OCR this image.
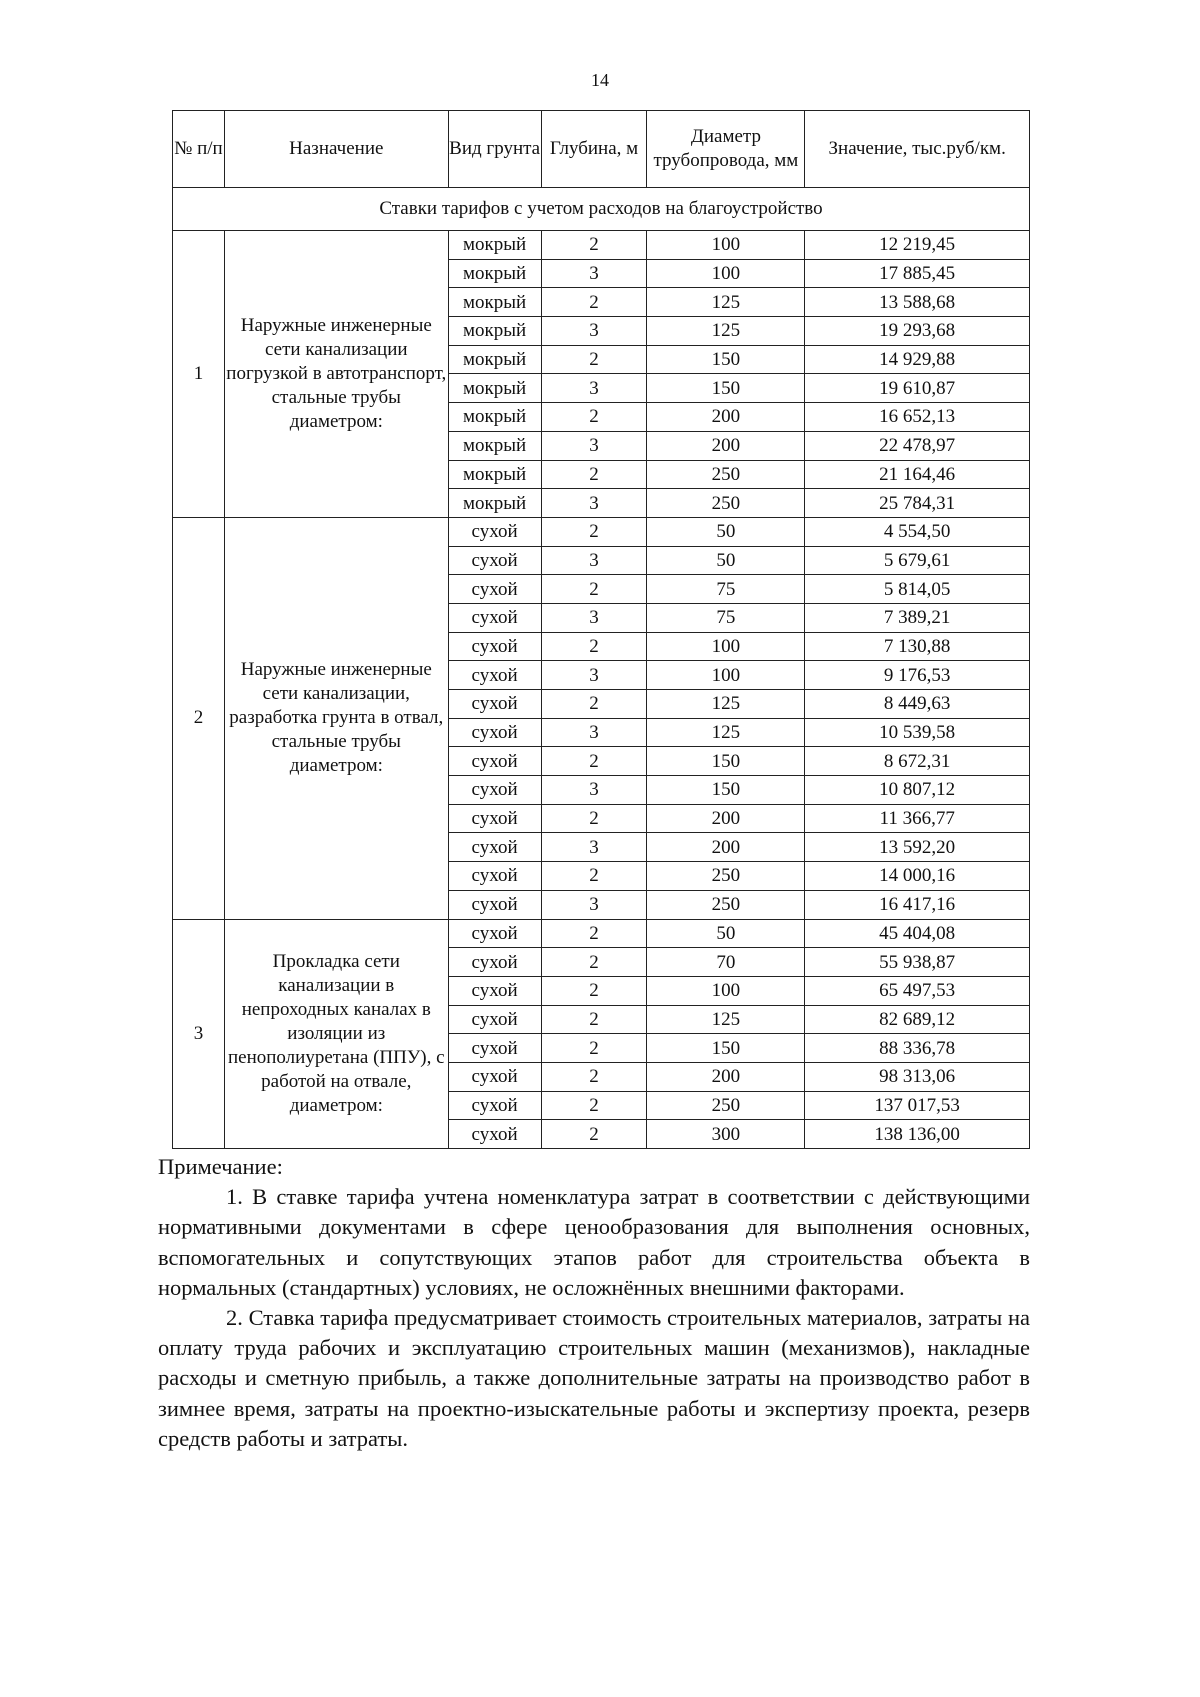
14
№ п/п	Назначение	Вид грунта	Глубина, м	Диаметр трубопровода, мм	Значение, тыс.руб/км.
Ставки тарифов с учетом расходов на благоустройство					
1	Наружные инженерные сети канализации погрузкой в автотранспорт, стальные трубы диаметром:	мокрый	2	100	12 219,45
		мокрый	3	100	17 885,45
		мокрый	2	125	13 588,68
		мокрый	3	125	19 293,68
		мокрый	2	150	14 929,88
		мокрый	3	150	19 610,87
		мокрый	2	200	16 652,13
		мокрый	3	200	22 478,97
		мокрый	2	250	21 164,46
		мокрый	3	250	25 784,31
2	Наружные инженерные сети канализации, разработка грунта в отвал, стальные трубы диаметром:	сухой	2	50	4 554,50
		сухой	3	50	5 679,61
		сухой	2	75	5 814,05
		сухой	3	75	7 389,21
		сухой	2	100	7 130,88
		сухой	3	100	9 176,53
		сухой	2	125	8 449,63
		сухой	3	125	10 539,58
		сухой	2	150	8 672,31
		сухой	3	150	10 807,12
		сухой	2	200	11 366,77
		сухой	3	200	13 592,20
		сухой	2	250	14 000,16
		сухой	3	250	16 417,16
3	Прокладка сети канализации в непроходных каналах в изоляции из пенополиуретана (ППУ), с работой на отвале, диаметром:	сухой	2	50	45 404,08
		сухой	2	70	55 938,87
		сухой	2	100	65 497,53
		сухой	2	125	82 689,12
		сухой	2	150	88 336,78
		сухой	2	200	98 313,06
		сухой	2	250	137 017,53
		сухой	2	300	138 136,00

Примечание:

1. В ставке тарифа учтена номенклатура затрат в соответствии с действующими нормативными документами в сфере ценообразования для выполнения основных, вспомогательных и сопутствующих этапов работ для строительства объекта в нормальных (стандартных) условиях, не осложнённых внешними факторами.

2. Ставка тарифа предусматривает стоимость строительных материалов, затраты на оплату труда рабочих и эксплуатацию строительных машин (механизмов), накладные расходы и сметную прибыль, а также дополнительные затраты на производство работ в зимнее время, затраты на проектно-изыскательные работы и экспертизу проекта, резерв средств работы и затраты.
